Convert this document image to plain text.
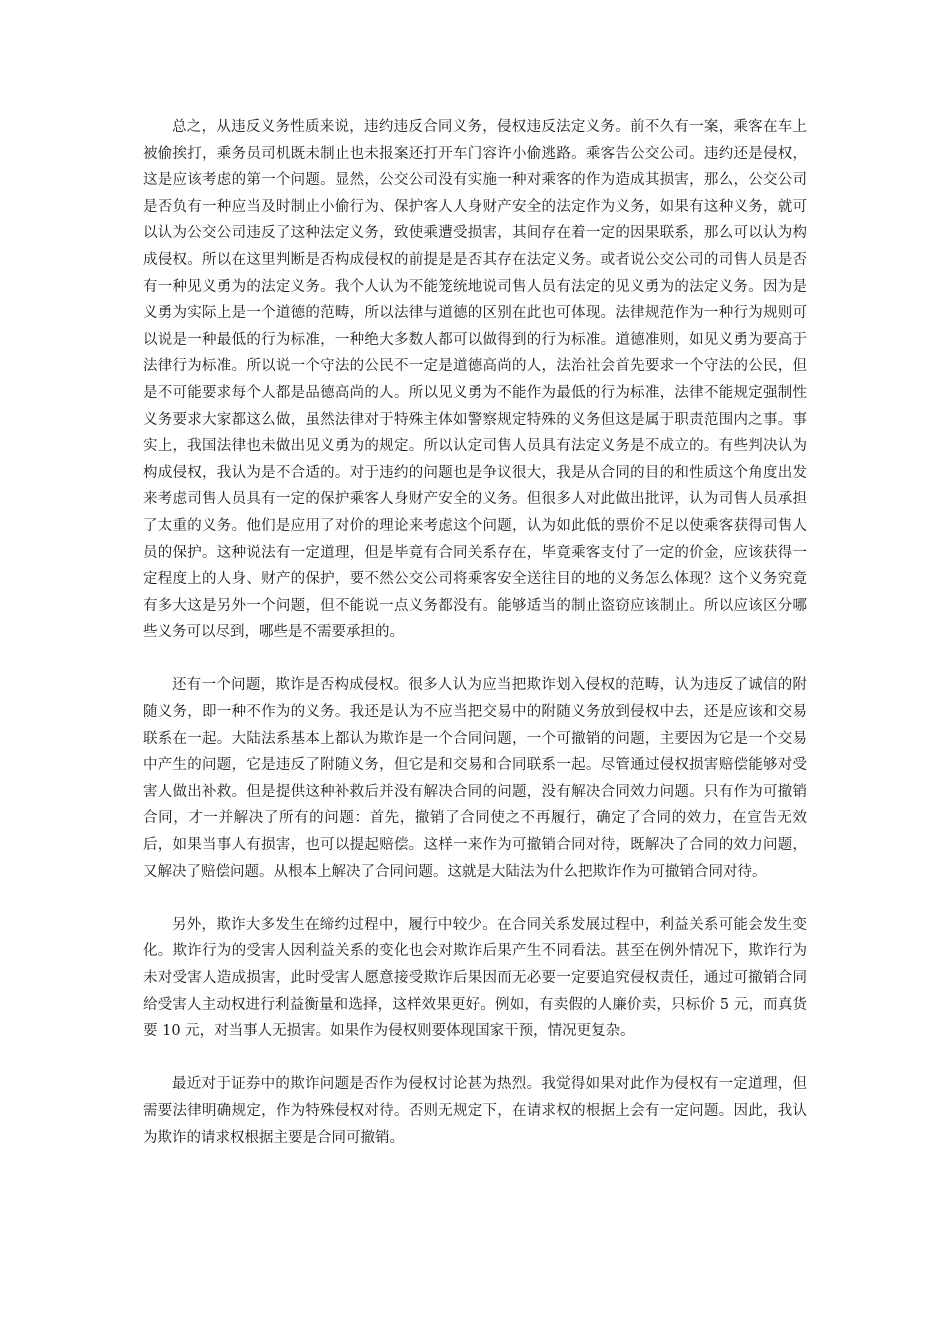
总之，从违反义务性质来说，违约违反合同义务，侵权违反法定义务。前不久有一案，乘客在车上被偷挨打，乘务员司机既未制止也未报案还打开车门容许小偷逃路。乘客告公交公司。违约还是侵权，这是应该考虑的第一个问题。显然，公交公司没有实施一种对乘客的作为造成其损害，那么，公交公司是否负有一种应当及时制止小偷行为、保护客人人身财产安全的法定作为义务，如果有这种义务，就可以认为公交公司违反了这种法定义务，致使乘遭受损害，其间存在着一定的因果联系，那么可以认为构成侵权。所以在这里判断是否构成侵权的前提是是否其存在法定义务。或者说公交公司的司售人员是否有一种见义勇为的法定义务。我个人认为不能笼统地说司售人员有法定的见义勇为的法定义务。因为是义勇为实际上是一个道德的范畴，所以法律与道德的区别在此也可体现。法律规范作为一种行为规则可以说是一种最低的行为标准，一种绝大多数人都可以做得到的行为标准。道德准则，如见义勇为要高于法律行为标准。所以说一个守法的公民不一定是道德高尚的人，法治社会首先要求一个守法的公民，但是不可能要求每个人都是品德高尚的人。所以见义勇为不能作为最低的行为标准，法律不能规定强制性义务要求大家都这么做，虽然法律对于特殊主体如警察规定特殊的义务但这是属于职责范围内之事。事实上，我国法律也未做出见义勇为的规定。所以认定司售人员具有法定义务是不成立的。有些判决认为构成侵权，我认为是不合适的。对于违约的问题也是争议很大，我是从合同的目的和性质这个角度出发来考虑司售人员具有一定的保护乘客人身财产安全的义务。但很多人对此做出批评，认为司售人员承担了太重的义务。他们是应用了对价的理论来考虑这个问题，认为如此低的票价不足以使乘客获得司售人员的保护。这种说法有一定道理，但是毕竟有合同关系存在，毕竟乘客支付了一定的价金，应该获得一定程度上的人身、财产的保护，要不然公交公司将乘客安全送往目的地的义务怎么体现？这个义务究竟有多大这是另外一个问题，但不能说一点义务都没有。能够适当的制止盗窃应该制止。所以应该区分哪些义务可以尽到，哪些是不需要承担的。

还有一个问题，欺诈是否构成侵权。很多人认为应当把欺诈划入侵权的范畴，认为违反了诚信的附随义务，即一种不作为的义务。我还是认为不应当把交易中的附随义务放到侵权中去，还是应该和交易联系在一起。大陆法系基本上都认为欺诈是一个合同问题，一个可撤销的问题，主要因为它是一个交易中产生的问题，它是违反了附随义务，但它是和交易和合同联系一起。尽管通过侵权损害赔偿能够对受害人做出补救。但是提供这种补救后并没有解决合同的问题，没有解决合同效力问题。只有作为可撤销合同，才一并解决了所有的问题：首先，撤销了合同使之不再履行，确定了合同的效力，在宣告无效后，如果当事人有损害，也可以提起赔偿。这样一来作为可撤销合同对待，既解决了合同的效力问题，又解决了赔偿问题。从根本上解决了合同问题。这就是大陆法为什么把欺诈作为可撤销合同对待。

另外，欺诈大多发生在缔约过程中，履行中较少。在合同关系发展过程中，利益关系可能会发生变化。欺诈行为的受害人因利益关系的变化也会对欺诈后果产生不同看法。甚至在例外情况下，欺诈行为未对受害人造成损害，此时受害人愿意接受欺诈后果因而无必要一定要追究侵权责任，通过可撤销合同给受害人主动权进行利益衡量和选择，这样效果更好。例如，有卖假的人廉价卖，只标价 5 元，而真货要 10 元，对当事人无损害。如果作为侵权则要体现国家干预，情况更复杂。

最近对于证券中的欺诈问题是否作为侵权讨论甚为热烈。我觉得如果对此作为侵权有一定道理，但需要法律明确规定，作为特殊侵权对待。否则无规定下，在请求权的根据上会有一定问题。因此，我认为欺诈的请求权根据主要是合同可撤销。
